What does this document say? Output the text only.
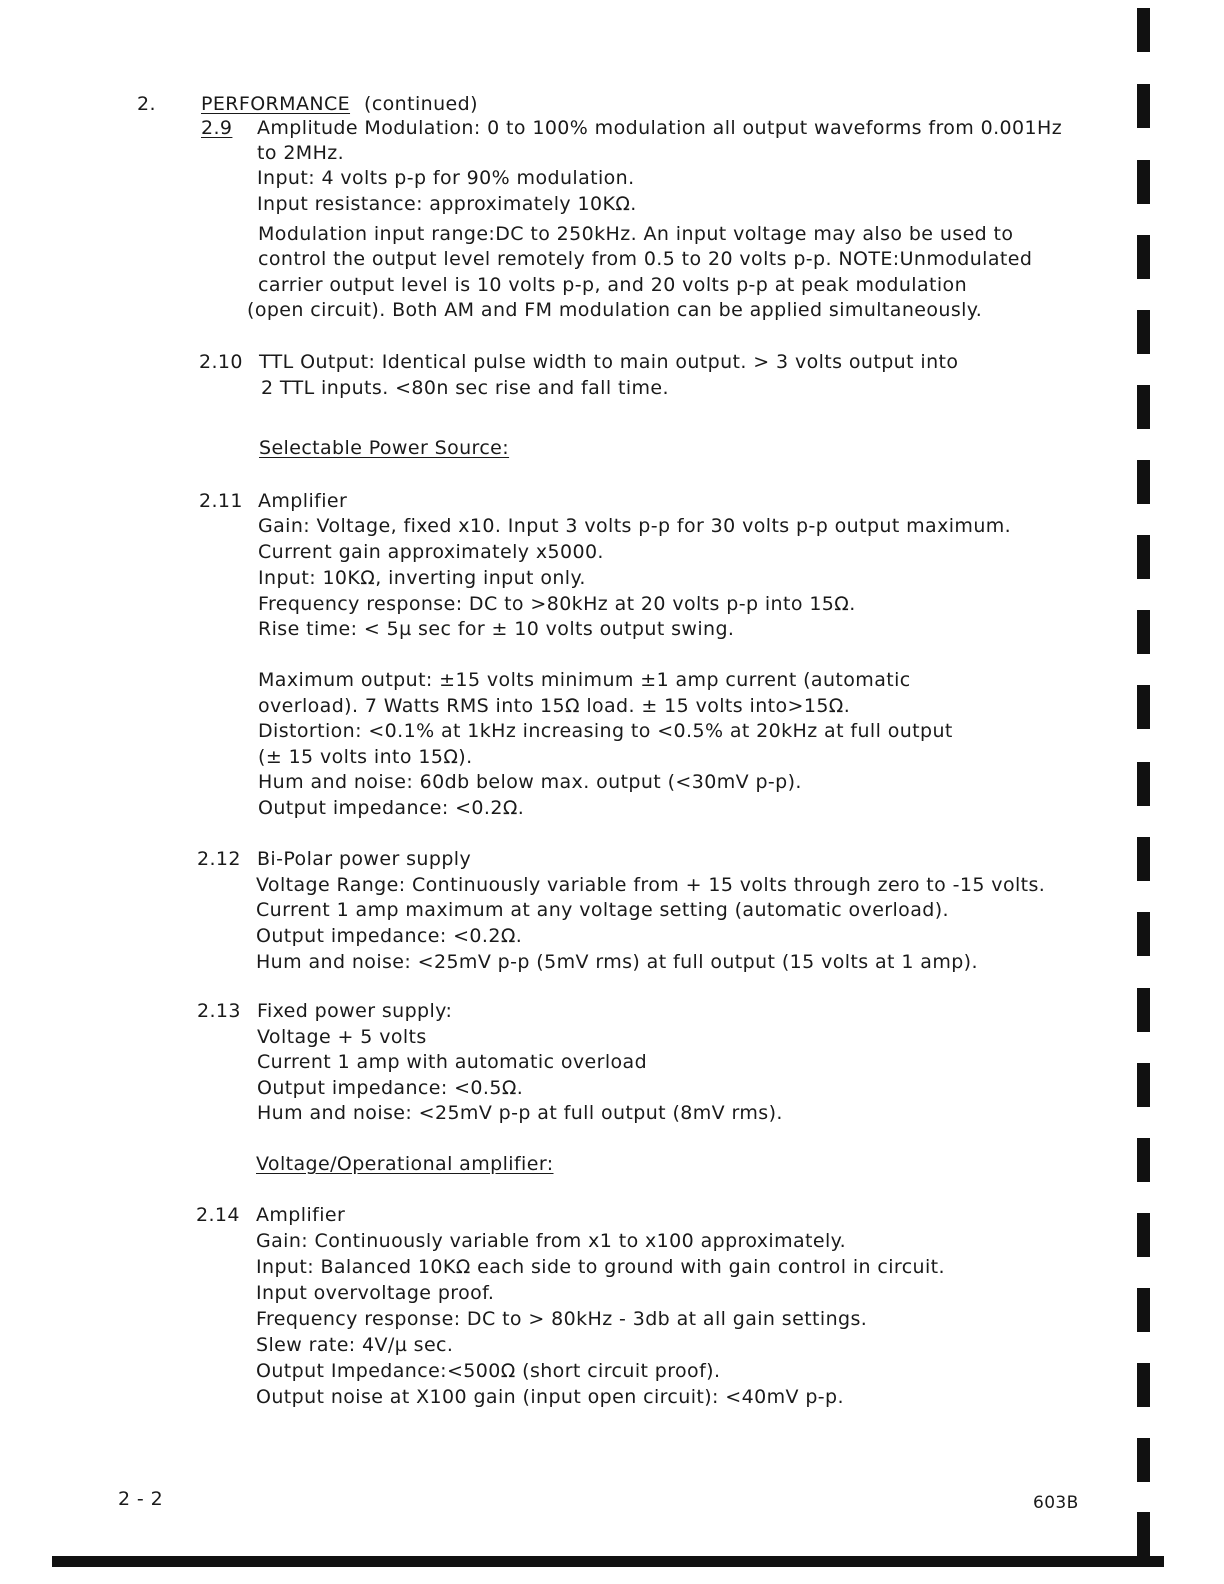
2. PERFORMANCE (continued)
2.9 Amplitude Modulation: 0 to 100% modulation all output waveforms from 0.001Hz
to 2MHz.
Input: 4 volts p-p for 90% modulation.
Input resistance: approximately 10KΩ.
Modulation input range:DC to 250kHz. An input voltage may also be used to
control the output level remotely from 0.5 to 20 volts p-p. NOTE:Unmodulated
carrier output level is 10 volts p-p, and 20 volts p-p at peak modulation
(open circuit). Both AM and FM modulation can be applied simultaneously.
2.10 TTL Output: Identical pulse width to main output. > 3 volts output into
2 TTL inputs. <80n sec rise and fall time.
Selectable Power Source:
2.11 Amplifier
Gain: Voltage, fixed x10. Input 3 volts p-p for 30 volts p-p output maximum.
Current gain approximately x5000.
Input: 10KΩ, inverting input only.
Frequency response: DC to >80kHz at 20 volts p-p into 15Ω.
Rise time: < 5µ sec for ± 10 volts output swing.
Maximum output: ±15 volts minimum ±1 amp current (automatic
overload). 7 Watts RMS into 15Ω load. ± 15 volts into>15Ω.
Distortion: <0.1% at 1kHz increasing to <0.5% at 20kHz at full output
(± 15 volts into 15Ω).
Hum and noise: 60db below max. output (<30mV p-p).
Output impedance: <0.2Ω.
2.12 Bi-Polar power supply
Voltage Range: Continuously variable from + 15 volts through zero to -15 volts.
Current 1 amp maximum at any voltage setting (automatic overload).
Output impedance: <0.2Ω.
Hum and noise: <25mV p-p (5mV rms) at full output (15 volts at 1 amp).
2.13 Fixed power supply:
Voltage + 5 volts
Current 1 amp with automatic overload
Output impedance: <0.5Ω.
Hum and noise: <25mV p-p at full output (8mV rms).
Voltage/Operational amplifier:
2.14 Amplifier
Gain: Continuously variable from x1 to x100 approximately.
Input: Balanced 10KΩ each side to ground with gain control in circuit.
Input overvoltage proof.
Frequency response: DC to > 80kHz - 3db at all gain settings.
Slew rate: 4V/µ sec.
Output Impedance:<500Ω (short circuit proof).
Output noise at X100 gain (input open circuit): <40mV p-p.
2 - 2	603B
